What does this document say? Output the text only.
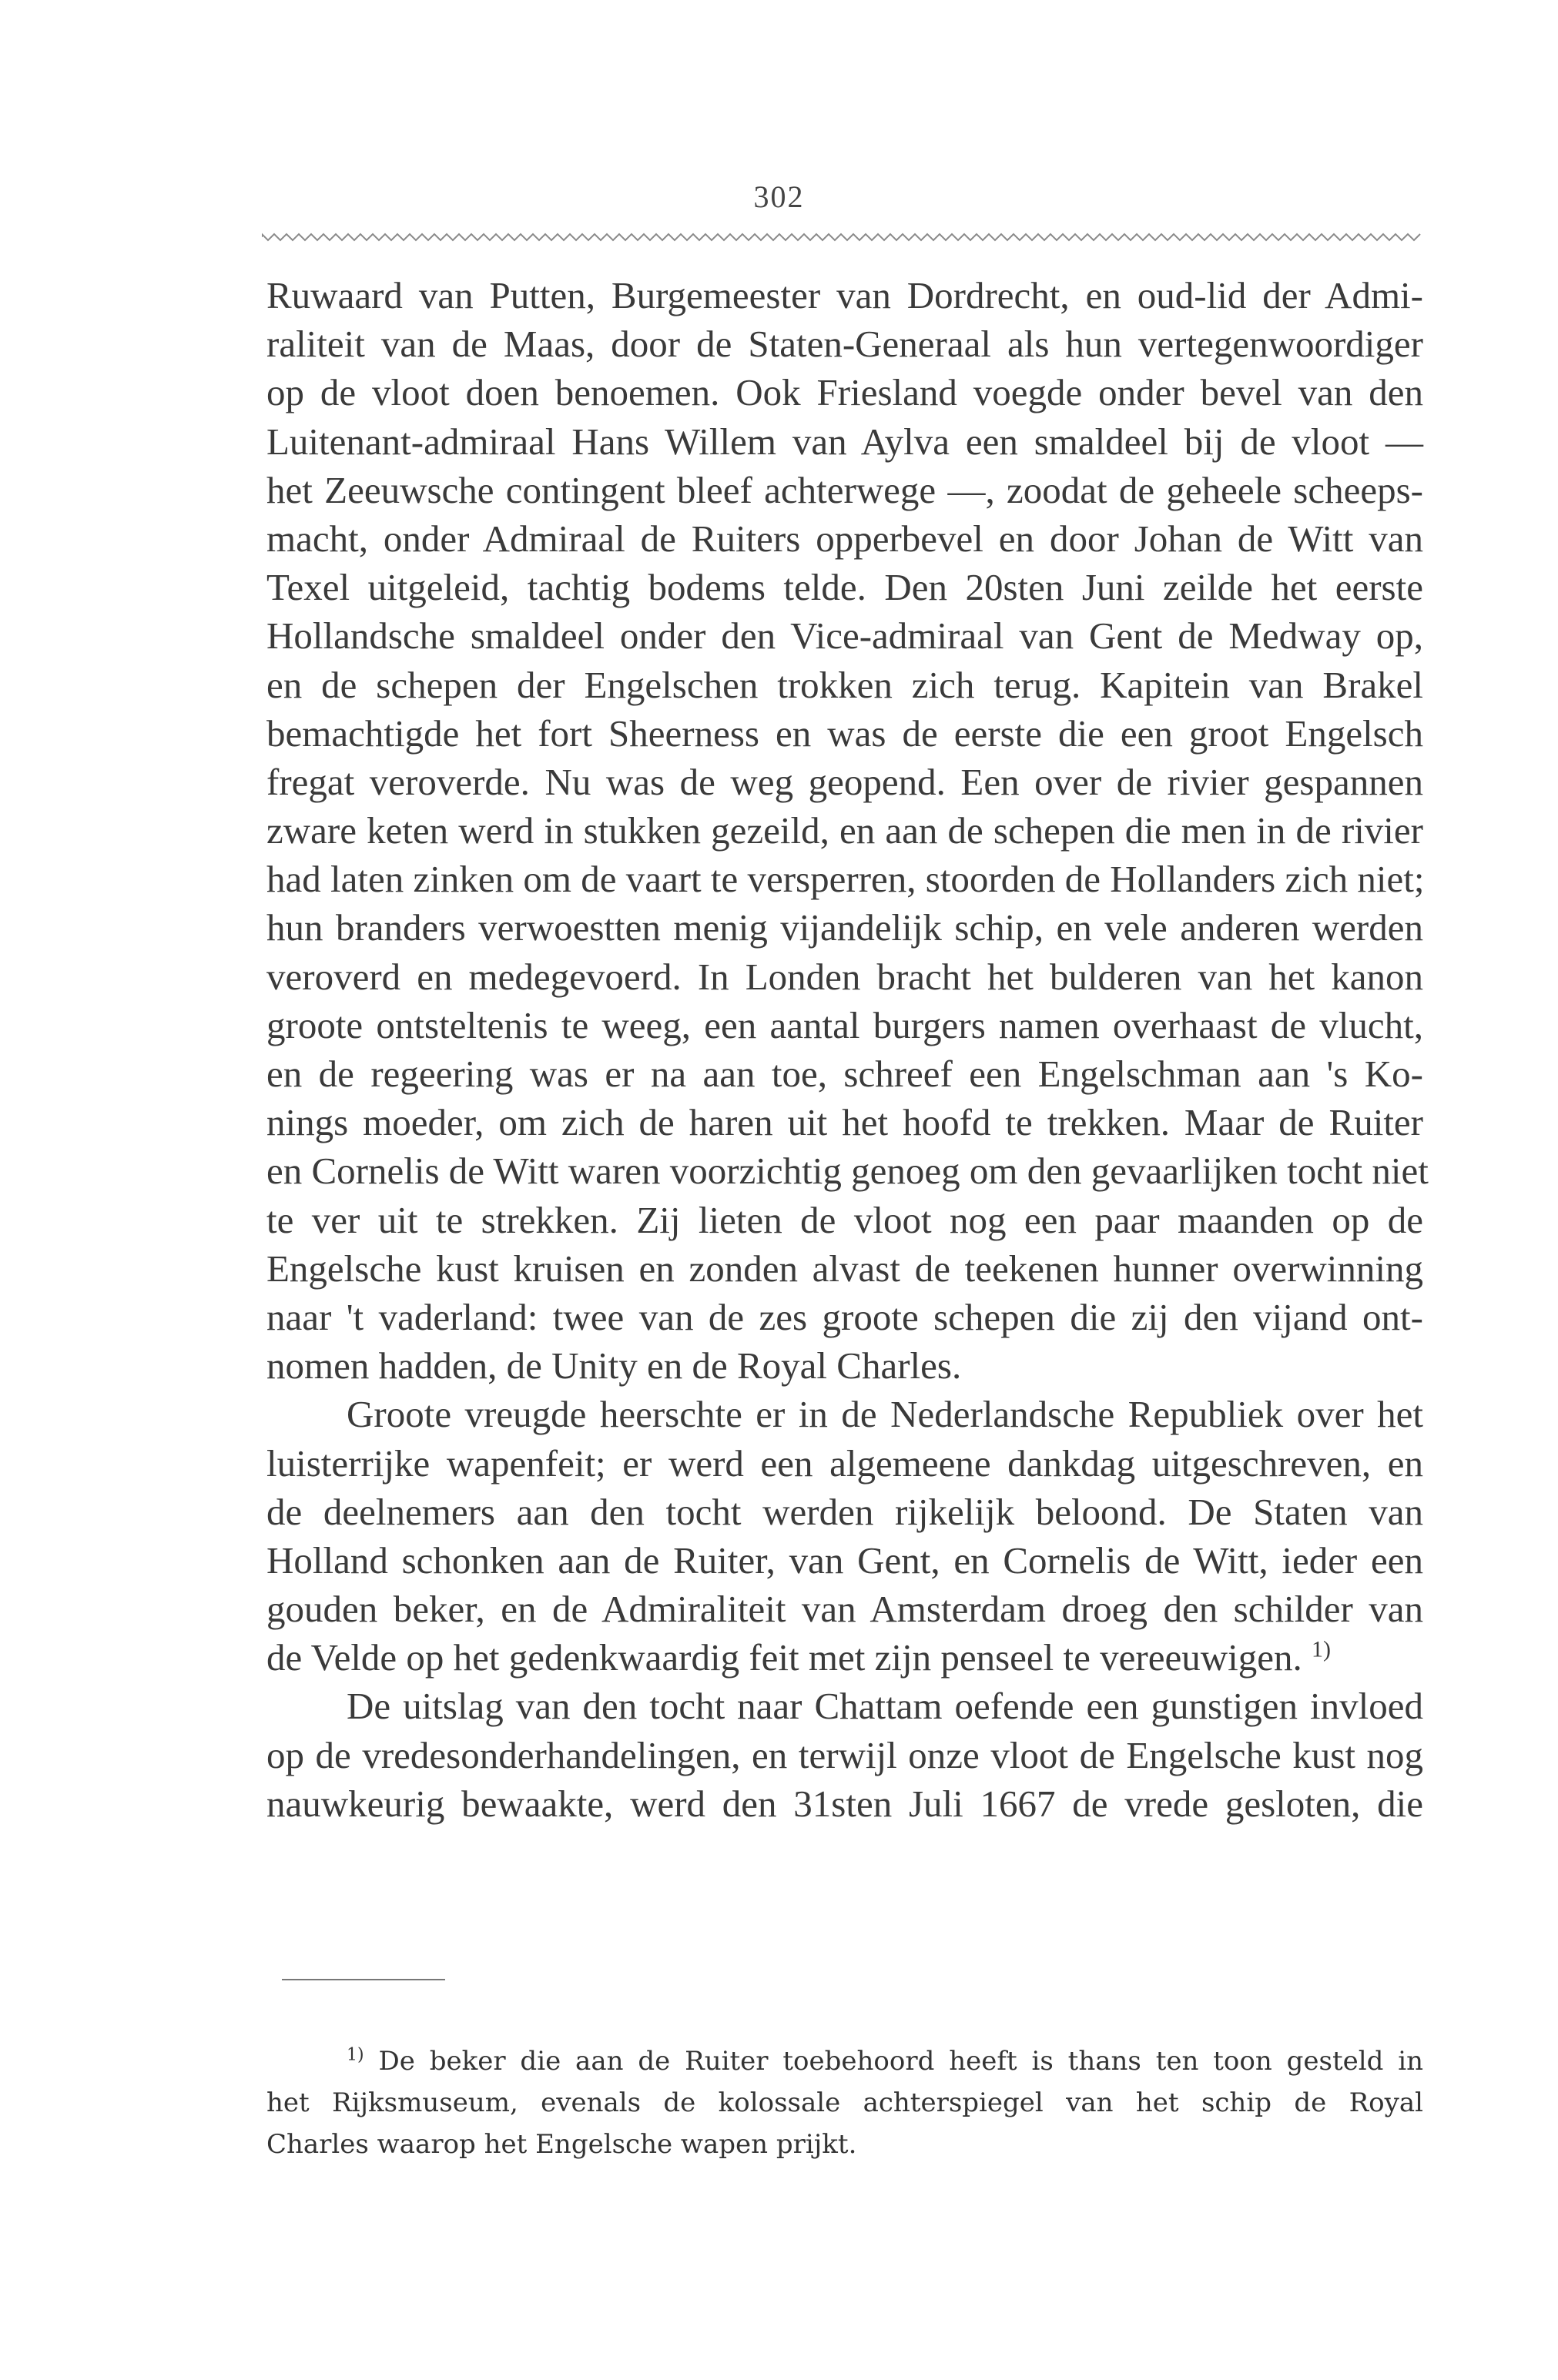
302
Ruwaard van Putten, Burgemeester van Dordrecht, en oud-lid der Admi-
raliteit van de Maas, door de Staten-Generaal als hun vertegenwoordiger
op de vloot doen benoemen. Ook Friesland voegde onder bevel van den
Luitenant-admiraal Hans Willem van Aylva een smaldeel bij de vloot —
het Zeeuwsche contingent bleef achterwege —, zoodat de geheele scheeps-
macht, onder Admiraal de Ruiters opperbevel en door Johan de Witt van
Texel uitgeleid, tachtig bodems telde. Den 20sten Juni zeilde het eerste
Hollandsche smaldeel onder den Vice-admiraal van Gent de Medway op,
en de schepen der Engelschen trokken zich terug. Kapitein van Brakel
bemachtigde het fort Sheerness en was de eerste die een groot Engelsch
fregat veroverde. Nu was de weg geopend. Een over de rivier gespannen
zware keten werd in stukken gezeild, en aan de schepen die men in de rivier
had laten zinken om de vaart te versperren, stoorden de Hollanders zich niet;
hun branders verwoestten menig vijandelijk schip, en vele anderen werden
veroverd en medegevoerd. In Londen bracht het bulderen van het kanon
groote ontsteltenis te weeg, een aantal burgers namen overhaast de vlucht,
en de regeering was er na aan toe, schreef een Engelschman aan 's Ko-
nings moeder, om zich de haren uit het hoofd te trekken. Maar de Ruiter
en Cornelis de Witt waren voorzichtig genoeg om den gevaarlijken tocht niet
te ver uit te strekken. Zij lieten de vloot nog een paar maanden op de
Engelsche kust kruisen en zonden alvast de teekenen hunner overwinning
naar 't vaderland: twee van de zes groote schepen die zij den vijand ont-
nomen hadden, de Unity en de Royal Charles.
Groote vreugde heerschte er in de Nederlandsche Republiek over het
luisterrijke wapenfeit; er werd een algemeene dankdag uitgeschreven, en
de deelnemers aan den tocht werden rijkelijk beloond. De Staten van
Holland schonken aan de Ruiter, van Gent, en Cornelis de Witt, ieder een
gouden beker, en de Admiraliteit van Amsterdam droeg den schilder van
de Velde op het gedenkwaardig feit met zijn penseel te vereeuwigen. $^{1)}$
De uitslag van den tocht naar Chattam oefende een gunstigen invloed
op de vredesonderhandelingen, en terwijl onze vloot de Engelsche kust nog
nauwkeurig bewaakte, werd den 31sten Juli 1667 de vrede gesloten, die
$^{1)}$ De beker die aan de Ruiter toebehoord heeft is thans ten toon gesteld in
het Rijksmuseum, evenals de kolossale achterspiegel van het schip de Royal
Charles waarop het Engelsche wapen prijkt.
